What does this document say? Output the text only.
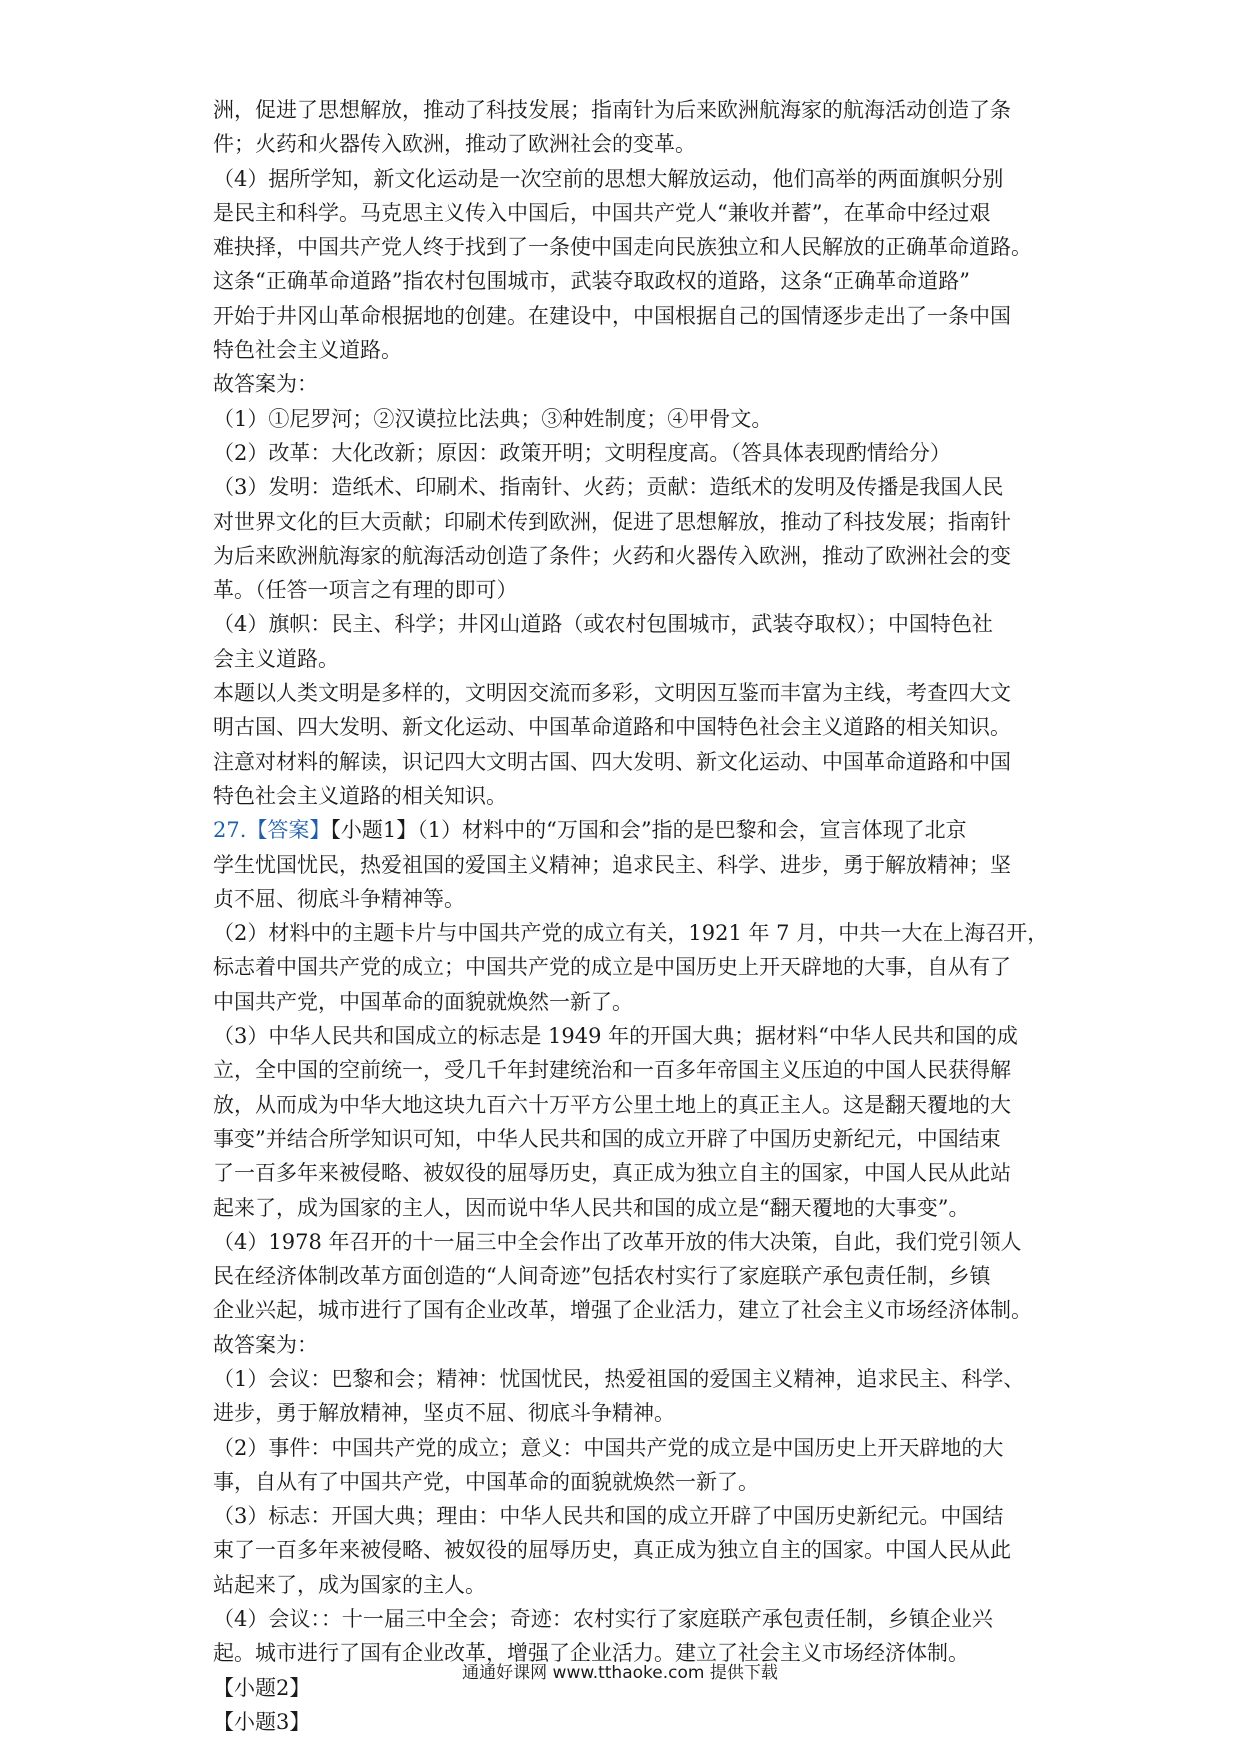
洲，促进了思想解放，推动了科技发展；指南针为后来欧洲航海家的航海活动创造了条
件；火药和火器传入欧洲，推动了欧洲社会的变革。
（4）据所学知，新文化运动是一次空前的思想大解放运动，他们高举的两面旗帜分别
是民主和科学。马克思主义传入中国后，中国共产党人“兼收并蓄”，在革命中经过艰
难抉择，中国共产党人终于找到了一条使中国走向民族独立和人民解放的正确革命道路。
这条“正确革命道路”指农村包围城市，武装夺取政权的道路，这条“正确革命道路”
开始于井冈山革命根据地的创建。在建设中，中国根据自己的国情逐步走出了一条中国
特色社会主义道路。
故答案为：
（1）①尼罗河；②汉谟拉比法典；③种姓制度；④甲骨文。
（2）改革：大化改新；原因：政策开明；文明程度高。（答具体表现酌情给分）
（3）发明：造纸术、印刷术、指南针、火药；贡献：造纸术的发明及传播是我国人民
对世界文化的巨大贡献；印刷术传到欧洲，促进了思想解放，推动了科技发展；指南针
为后来欧洲航海家的航海活动创造了条件；火药和火器传入欧洲，推动了欧洲社会的变
革。（任答一项言之有理的即可）
（4）旗帜：民主、科学；井冈山道路（或农村包围城市，武装夺取权）；中国特色社
会主义道路。
本题以人类文明是多样的，文明因交流而多彩，文明因互鉴而丰富为主线，考查四大文
明古国、四大发明、新文化运动、中国革命道路和中国特色社会主义道路的相关知识。
注意对材料的解读，识记四大文明古国、四大发明、新文化运动、中国革命道路和中国
特色社会主义道路的相关知识。
27.【答案】【小题1】（1）材料中的“万国和会”指的是巴黎和会，宣言体现了北京
学生忧国忧民，热爱祖国的爱国主义精神；追求民主、科学、进步，勇于解放精神；坚
贞不屈、彻底斗争精神等。
（2）材料中的主题卡片与中国共产党的成立有关，1921 年 7 月，中共一大在上海召开，
标志着中国共产党的成立；中国共产党的成立是中国历史上开天辟地的大事，自从有了
中国共产党，中国革命的面貌就焕然一新了。
（3）中华人民共和国成立的标志是 1949 年的开国大典；据材料“中华人民共和国的成
立，全中国的空前统一，受几千年封建统治和一百多年帝国主义压迫的中国人民获得解
放，从而成为中华大地这块九百六十万平方公里土地上的真正主人。这是翻天覆地的大
事变”并结合所学知识可知，中华人民共和国的成立开辟了中国历史新纪元，中国结束
了一百多年来被侵略、被奴役的屈辱历史，真正成为独立自主的国家，中国人民从此站
起来了，成为国家的主人，因而说中华人民共和国的成立是“翻天覆地的大事变”。
（4）1978 年召开的十一届三中全会作出了改革开放的伟大决策，自此，我们党引领人
民在经济体制改革方面创造的“人间奇迹”包括农村实行了家庭联产承包责任制，乡镇
企业兴起，城市进行了国有企业改革，增强了企业活力，建立了社会主义市场经济体制。
故答案为：
（1）会议：巴黎和会；精神：忧国忧民，热爱祖国的爱国主义精神，追求民主、科学、
进步，勇于解放精神，坚贞不屈、彻底斗争精神。
（2）事件：中国共产党的成立；意义：中国共产党的成立是中国历史上开天辟地的大
事，自从有了中国共产党，中国革命的面貌就焕然一新了。
（3）标志：开国大典；理由：中华人民共和国的成立开辟了中国历史新纪元。中国结
束了一百多年来被侵略、被奴役的屈辱历史，真正成为独立自主的国家。中国人民从此
站起来了，成为国家的主人。
（4）会议：：十一届三中全会；奇迹：农村实行了家庭联产承包责任制，乡镇企业兴
起。城市进行了国有企业改革，增强了企业活力。建立了社会主义市场经济体制。
【小题2】
【小题3】
通通好课网 www.tthaoke.com 提供下载
